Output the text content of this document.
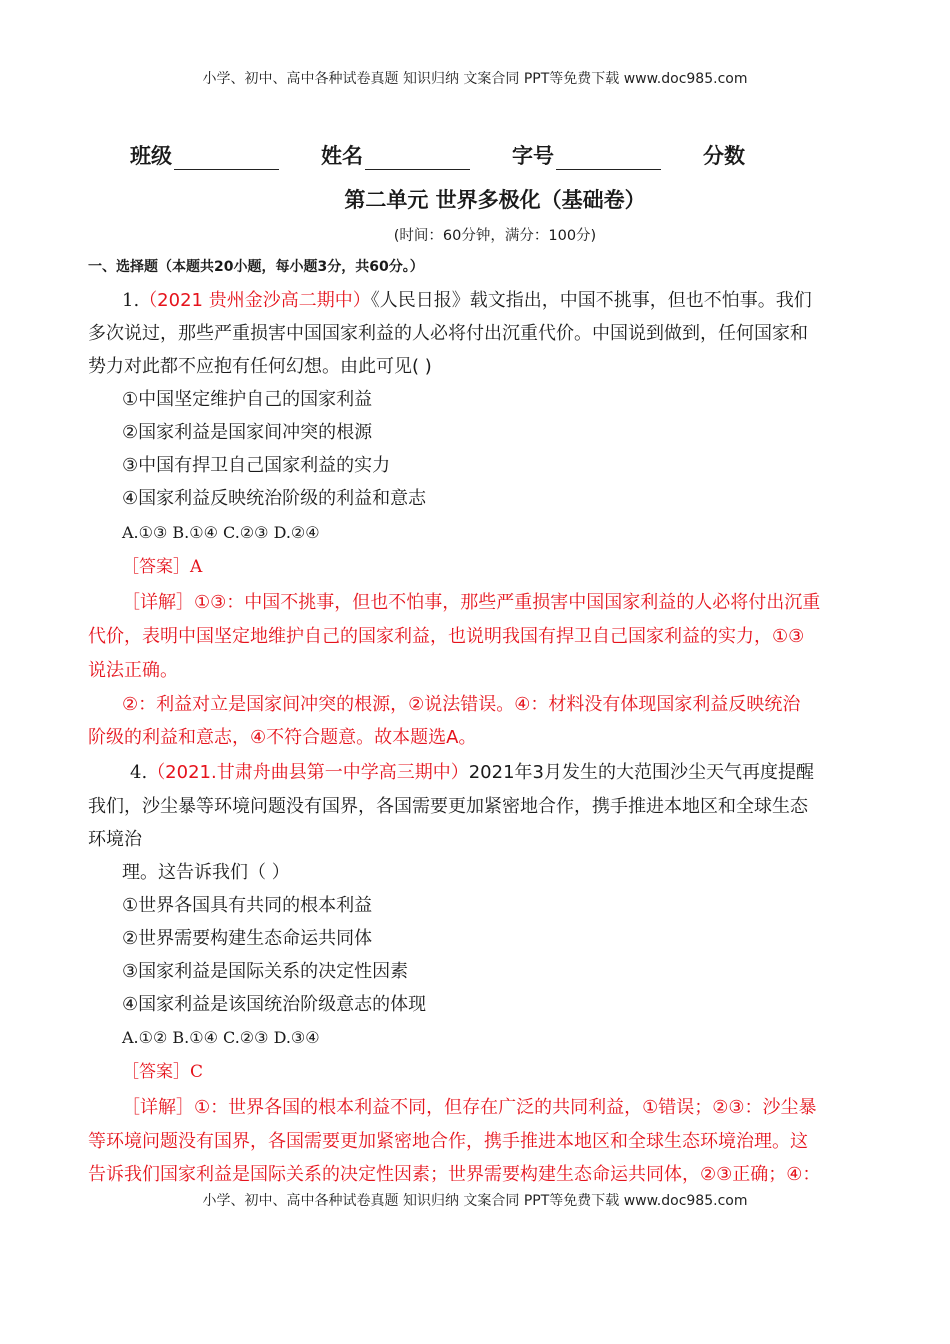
小学、初中、高中各种试卷真题 知识归纳 文案合同 PPT等免费下载 www.doc985.com
班级	姓名	字号	分数
第二单元 世界多极化（基础卷）
(时间：60分钟，满分：100分)
一、选择题（本题共20小题，每小题3分，共60分。）
1.（2021 贵州金沙高二期中）《人民日报》载文指出，中国不挑事，但也不怕事。我们
多次说过，那些严重损害中国国家利益的人必将付出沉重代价。中国说到做到，任何国家和
势力对此都不应抱有任何幻想。由此可见( )
①中国坚定维护自己的国家利益
②国家利益是国家间冲突的根源
③中国有捍卫自己国家利益的实力
④国家利益反映统治阶级的利益和意志
A.①③ B.①④ C.②③ D.②④
［答案］A
［详解］①③：中国不挑事，但也不怕事，那些严重损害中国国家利益的人必将付出沉重
代价，表明中国坚定地维护自己的国家利益，也说明我国有捍卫自己国家利益的实力，①③
说法正确。
②：利益对立是国家间冲突的根源，②说法错误。④：材料没有体现国家利益反映统治
阶级的利益和意志，④不符合题意。故本题选A。
4.（2021.甘肃舟曲县第一中学高三期中）2021年3月发生的大范围沙尘天气再度提醒
我们，沙尘暴等环境问题没有国界，各国需要更加紧密地合作，携手推进本地区和全球生态
环境治
理。这告诉我们（ ）
①世界各国具有共同的根本利益
②世界需要构建生态命运共同体
③国家利益是国际关系的决定性因素
④国家利益是该国统治阶级意志的体现
A.①② B.①④ C.②③ D.③④
［答案］C
［详解］①：世界各国的根本利益不同，但存在广泛的共同利益，①错误；②③：沙尘暴
等环境问题没有国界，各国需要更加紧密地合作，携手推进本地区和全球生态环境治理。这
告诉我们国家利益是国际关系的决定性因素；世界需要构建生态命运共同体，②③正确；④：
小学、初中、高中各种试卷真题 知识归纳 文案合同 PPT等免费下载 www.doc985.com
